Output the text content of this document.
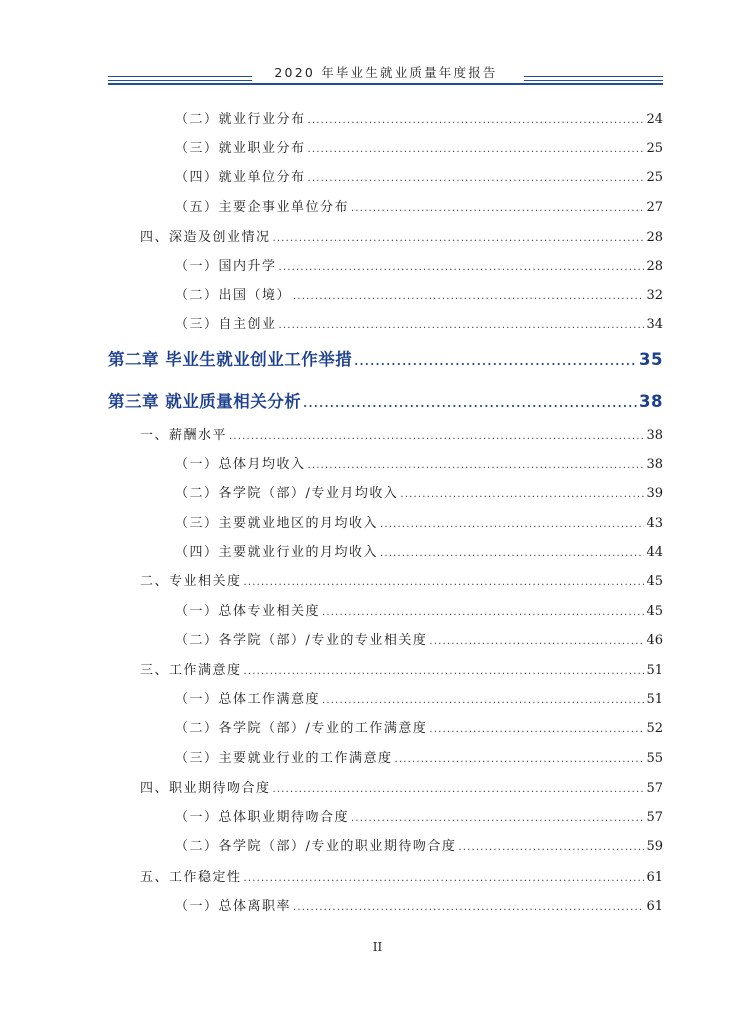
2020 年毕业生就业质量年度报告
（二）就业行业分布 .....	24
（三）就业职业分布 .....	25
（四）就业单位分布 .....	25
（五）主要企事业单位分布 .....	27
四、深造及创业情况 .....	28
（一）国内升学 .....	28
（二）出国（境） .....	32
（三）自主创业 .....	34
第二章 毕业生就业创业工作举措 .....	35
第三章 就业质量相关分析 .....	38
一、薪酬水平 .....	38
（一）总体月均收入 .....	38
（二）各学院（部）/专业月均收入 .....	39
（三）主要就业地区的月均收入 .....	43
（四）主要就业行业的月均收入 .....	44
二、专业相关度 .....	45
（一）总体专业相关度 .....	45
（二）各学院（部）/专业的专业相关度 .....	46
三、工作满意度 .....	51
（一）总体工作满意度 .....	51
（二）各学院（部）/专业的工作满意度 .....	52
（三）主要就业行业的工作满意度 .....	55
四、职业期待吻合度 .....	57
（一）总体职业期待吻合度 .....	57
（二）各学院（部）/专业的职业期待吻合度 .....	59
五、工作稳定性 .....	61
（一）总体离职率 .....	61
II
